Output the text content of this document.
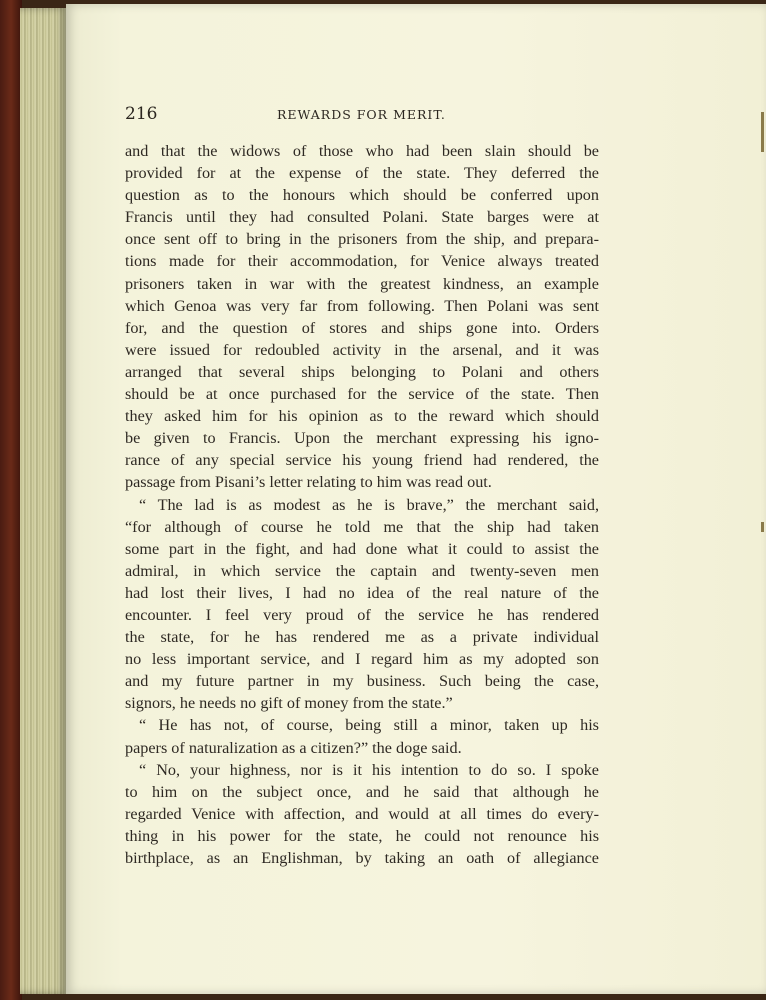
216	REWARDS FOR MERIT.
and that the widows of those who had been slain should be
provided for at the expense of the state. They deferred the
question as to the honours which should be conferred upon
Francis until they had consulted Polani. State barges were at
once sent off to bring in the prisoners from the ship, and prepara-
tions made for their accommodation, for Venice always treated
prisoners taken in war with the greatest kindness, an example
which Genoa was very far from following. Then Polani was sent
for, and the question of stores and ships gone into. Orders
were issued for redoubled activity in the arsenal, and it was
arranged that several ships belonging to Polani and others
should be at once purchased for the service of the state. Then
they asked him for his opinion as to the reward which should
be given to Francis. Upon the merchant expressing his igno-
rance of any special service his young friend had rendered, the
passage from Pisani’s letter relating to him was read out.
“ The lad is as modest as he is brave,” the merchant said,
“for although of course he told me that the ship had taken
some part in the fight, and had done what it could to assist the
admiral, in which service the captain and twenty-seven men
had lost their lives, I had no idea of the real nature of the
encounter. I feel very proud of the service he has rendered
the state, for he has rendered me as a private individual
no less important service, and I regard him as my adopted son
and my future partner in my business. Such being the case,
signors, he needs no gift of money from the state.”
“ He has not, of course, being still a minor, taken up his
papers of naturalization as a citizen?” the doge said.
“ No, your highness, nor is it his intention to do so. I spoke
to him on the subject once, and he said that although he
regarded Venice with affection, and would at all times do every-
thing in his power for the state, he could not renounce his
birthplace, as an Englishman, by taking an oath of allegiance
